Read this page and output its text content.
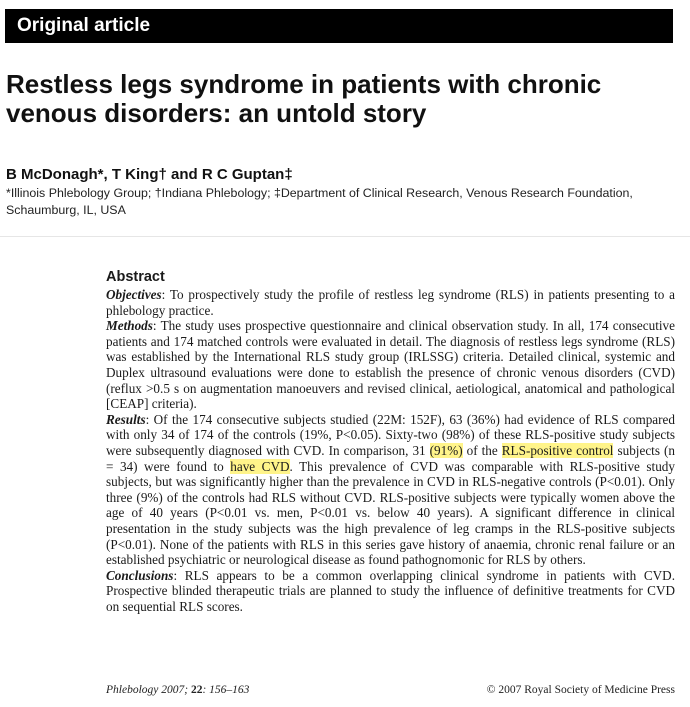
Original article
Restless legs syndrome in patients with chronic venous disorders: an untold story
B McDonagh*, T King† and R C Guptan‡
*Illinois Phlebology Group; †Indiana Phlebology; ‡Department of Clinical Research, Venous Research Foundation, Schaumburg, IL, USA
Abstract

Objectives: To prospectively study the profile of restless leg syndrome (RLS) in patients presenting to a phlebology practice.

Methods: The study uses prospective questionnaire and clinical observation study. In all, 174 consecutive patients and 174 matched controls were evaluated in detail. The diagnosis of restless legs syndrome (RLS) was established by the International RLS study group (IRLSSG) criteria. Detailed clinical, systemic and Duplex ultrasound evaluations were done to establish the presence of chronic venous disorders (CVD) (reflux >0.5 s on augmentation manoeuvers and revised clinical, aetiological, anatomical and pathological [CEAP] criteria).

Results: Of the 174 consecutive subjects studied (22M: 152F), 63 (36%) had evidence of RLS compared with only 34 of 174 of the controls (19%, P<0.05). Sixty-two (98%) of these RLS-positive study subjects were subsequently diagnosed with CVD. In comparison, 31 (91%) of the RLS-positive control subjects (n = 34) were found to have CVD. This prevalence of CVD was comparable with RLS-positive study subjects, but was significantly higher than the prevalence in CVD in RLS-negative controls (P<0.01). Only three (9%) of the controls had RLS without CVD. RLS-positive subjects were typically women above the age of 40 years (P<0.01 vs. men, P<0.01 vs. below 40 years). A significant difference in clinical presentation in the study subjects was the high prevalence of leg cramps in the RLS-positive subjects (P<0.01). None of the patients with RLS in this series gave history of anaemia, chronic renal failure or an established psychiatric or neurological disease as found pathognomonic for RLS by others.

Conclusions: RLS appears to be a common overlapping clinical syndrome in patients with CVD. Prospective blinded therapeutic trials are planned to study the influence of definitive treatments for CVD on sequential RLS scores.

Phlebology 2007; 22: 156–163	© 2007 Royal Society of Medicine Press
